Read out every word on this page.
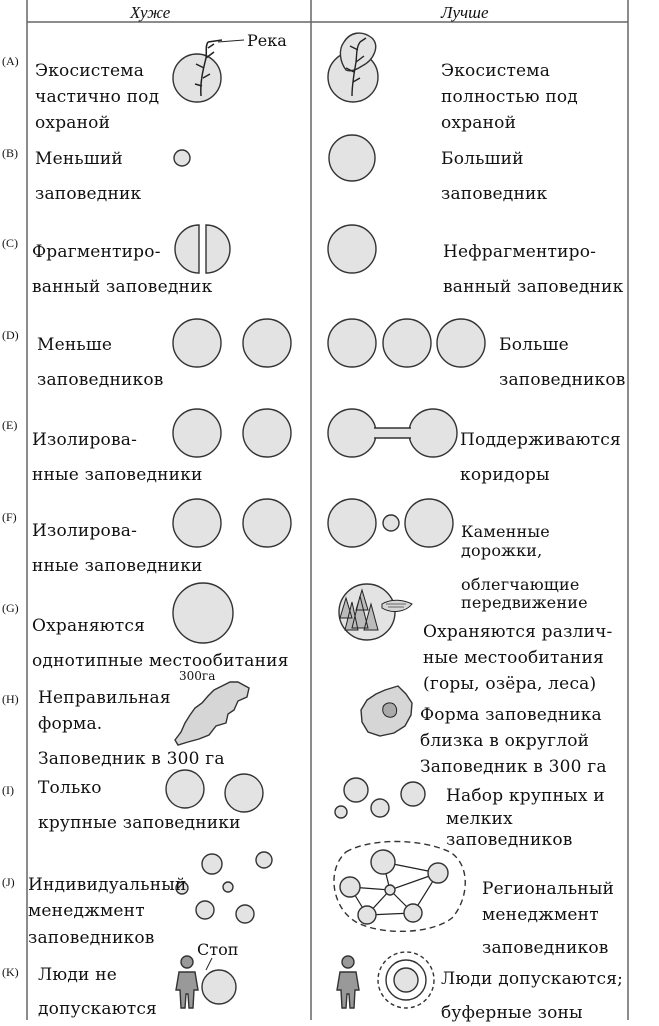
Хуже	Лучше
(A)
(B)
(C)
(D)
(E)
(F)
(G)
(H)
(I)
(J)
(K)
Река
300га
Стоп
Экосистема
частично под
охраной
Экосистема
полностью под
охраной
Меньший
заповедник
Больший
заповедник
Фрагментиро-
ванный заповедник
Нефрагментиро-
ванный заповедник
Меньше
заповедников
Больше
заповедников
Изолирова-
нные заповедники
Поддерживаются
коридоры
Изолирова-
нные заповедники
Каменные
дорожки,
облегчающие
передвижение
Охраняются
однотипные местообитания
Охраняются различ-
ные местообитания
(горы, озёра, леса)
Неправильная
форма.
Заповедник в 300 га
Форма заповедника
близка в округлой
Заповедник в 300 га
Только
крупные заповедники
Набор крупных и
мелких
заповедников
Индивидуальный
менеджмент
заповедников
Региональный
менеджмент
заповедников
Люди не
допускаются
Люди допускаются;
буферные зоны
